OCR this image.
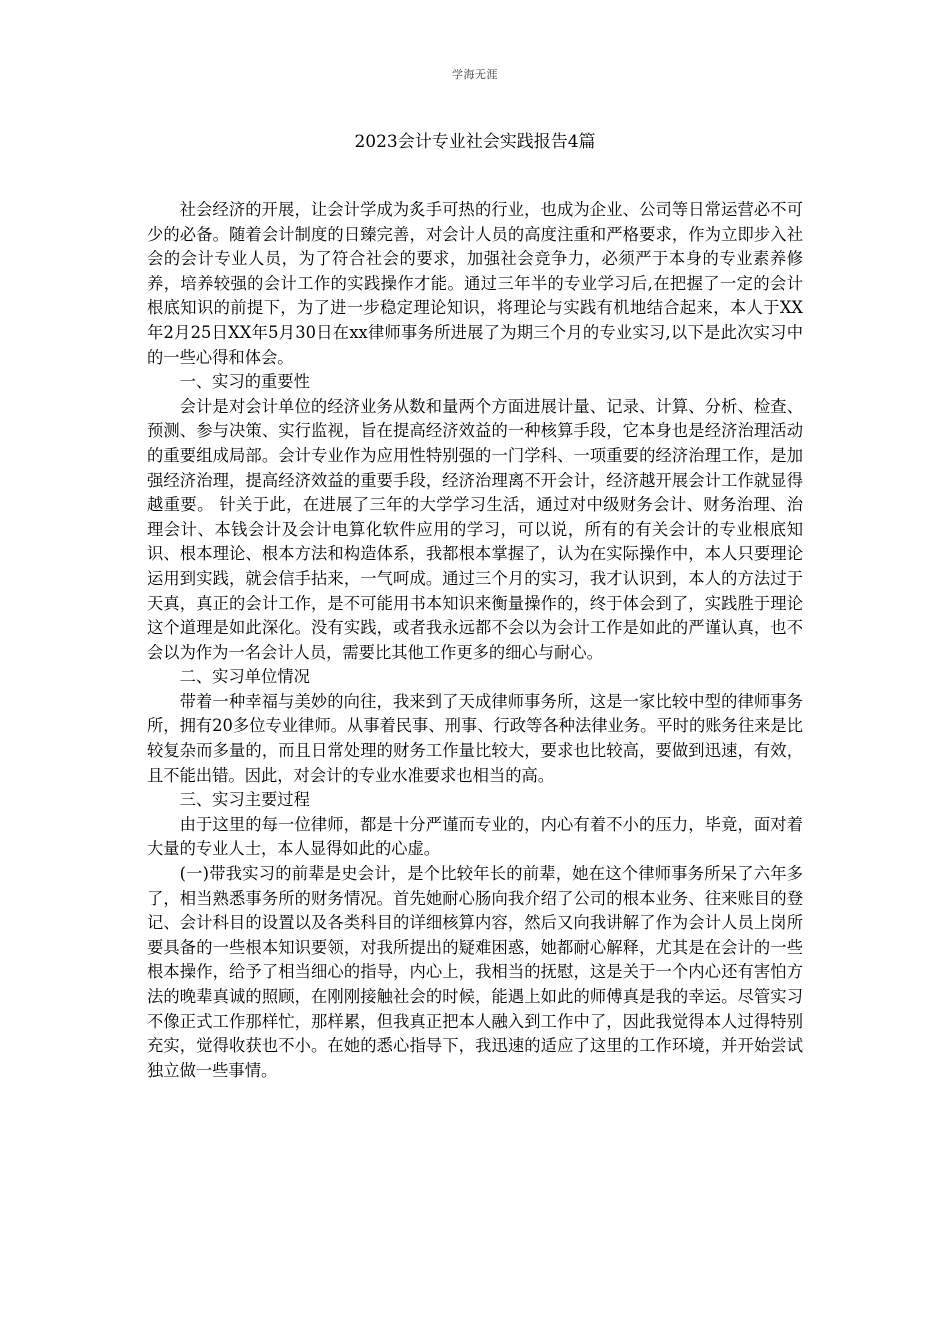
学海无涯
2023会计专业社会实践报告4篇

社会经济的开展，让会计学成为炙手可热的行业，也成为企业、公司等日常运营必不可少的必备。随着会计制度的日臻完善，对会计人员的高度注重和严格要求，作为立即步入社会的会计专业人员，为了符合社会的要求，加强社会竞争力，必须严于本身的专业素养修养，培养较强的会计工作的实践操作才能。通过三年半的专业学习后,在把握了一定的会计根底知识的前提下，为了进一步稳定理论知识，将理论与实践有机地结合起来，本人于XX年2月25日XX年5月30日在xx律师事务所进展了为期三个月的专业实习,以下是此次实习中的一些心得和体会。

一、实习的重要性

会计是对会计单位的经济业务从数和量两个方面进展计量、记录、计算、分析、检查、预测、参与决策、实行监视，旨在提高经济效益的一种核算手段，它本身也是经济治理活动的重要组成局部。会计专业作为应用性特别强的一门学科、一项重要的经济治理工作，是加强经济治理，提高经济效益的重要手段，经济治理离不开会计，经济越开展会计工作就显得越重要。 针关于此，在进展了三年的大学学习生活，通过对中级财务会计、财务治理、治理会计、本钱会计及会计电算化软件应用的学习，可以说，所有的有关会计的专业根底知识、根本理论、根本方法和构造体系，我都根本掌握了，认为在实际操作中，本人只要理论运用到实践，就会信手拈来，一气呵成。通过三个月的实习，我才认识到，本人的方法过于天真，真正的会计工作，是不可能用书本知识来衡量操作的，终于体会到了，实践胜于理论这个道理是如此深化。没有实践，或者我永远都不会以为会计工作是如此的严谨认真，也不会以为作为一名会计人员，需要比其他工作更多的细心与耐心。

二、实习单位情况

带着一种幸福与美妙的向往，我来到了天成律师事务所，这是一家比较中型的律师事务所，拥有20多位专业律师。从事着民事、刑事、行政等各种法律业务。平时的账务往来是比较复杂而多量的，而且日常处理的财务工作量比较大，要求也比较高，要做到迅速，有效，且不能出错。因此，对会计的专业水准要求也相当的高。

三、实习主要过程

由于这里的每一位律师，都是十分严谨而专业的，内心有着不小的压力，毕竟，面对着大量的专业人士，本人显得如此的心虚。

(一)带我实习的前辈是史会计，是个比较年长的前辈，她在这个律师事务所呆了六年多了，相当熟悉事务所的财务情况。首先她耐心肠向我介绍了公司的根本业务、往来账目的登记、会计科目的设置以及各类科目的详细核算内容，然后又向我讲解了作为会计人员上岗所要具备的一些根本知识要领，对我所提出的疑难困惑，她都耐心解释，尤其是在会计的一些根本操作，给予了相当细心的指导，内心上，我相当的抚慰，这是关于一个内心还有害怕方法的晚辈真诚的照顾，在刚刚接触社会的时候，能遇上如此的师傅真是我的幸运。尽管实习不像正式工作那样忙，那样累，但我真正把本人融入到工作中了，因此我觉得本人过得特别充实，觉得收获也不小。在她的悉心指导下，我迅速的适应了这里的工作环境，并开始尝试独立做一些事情。
